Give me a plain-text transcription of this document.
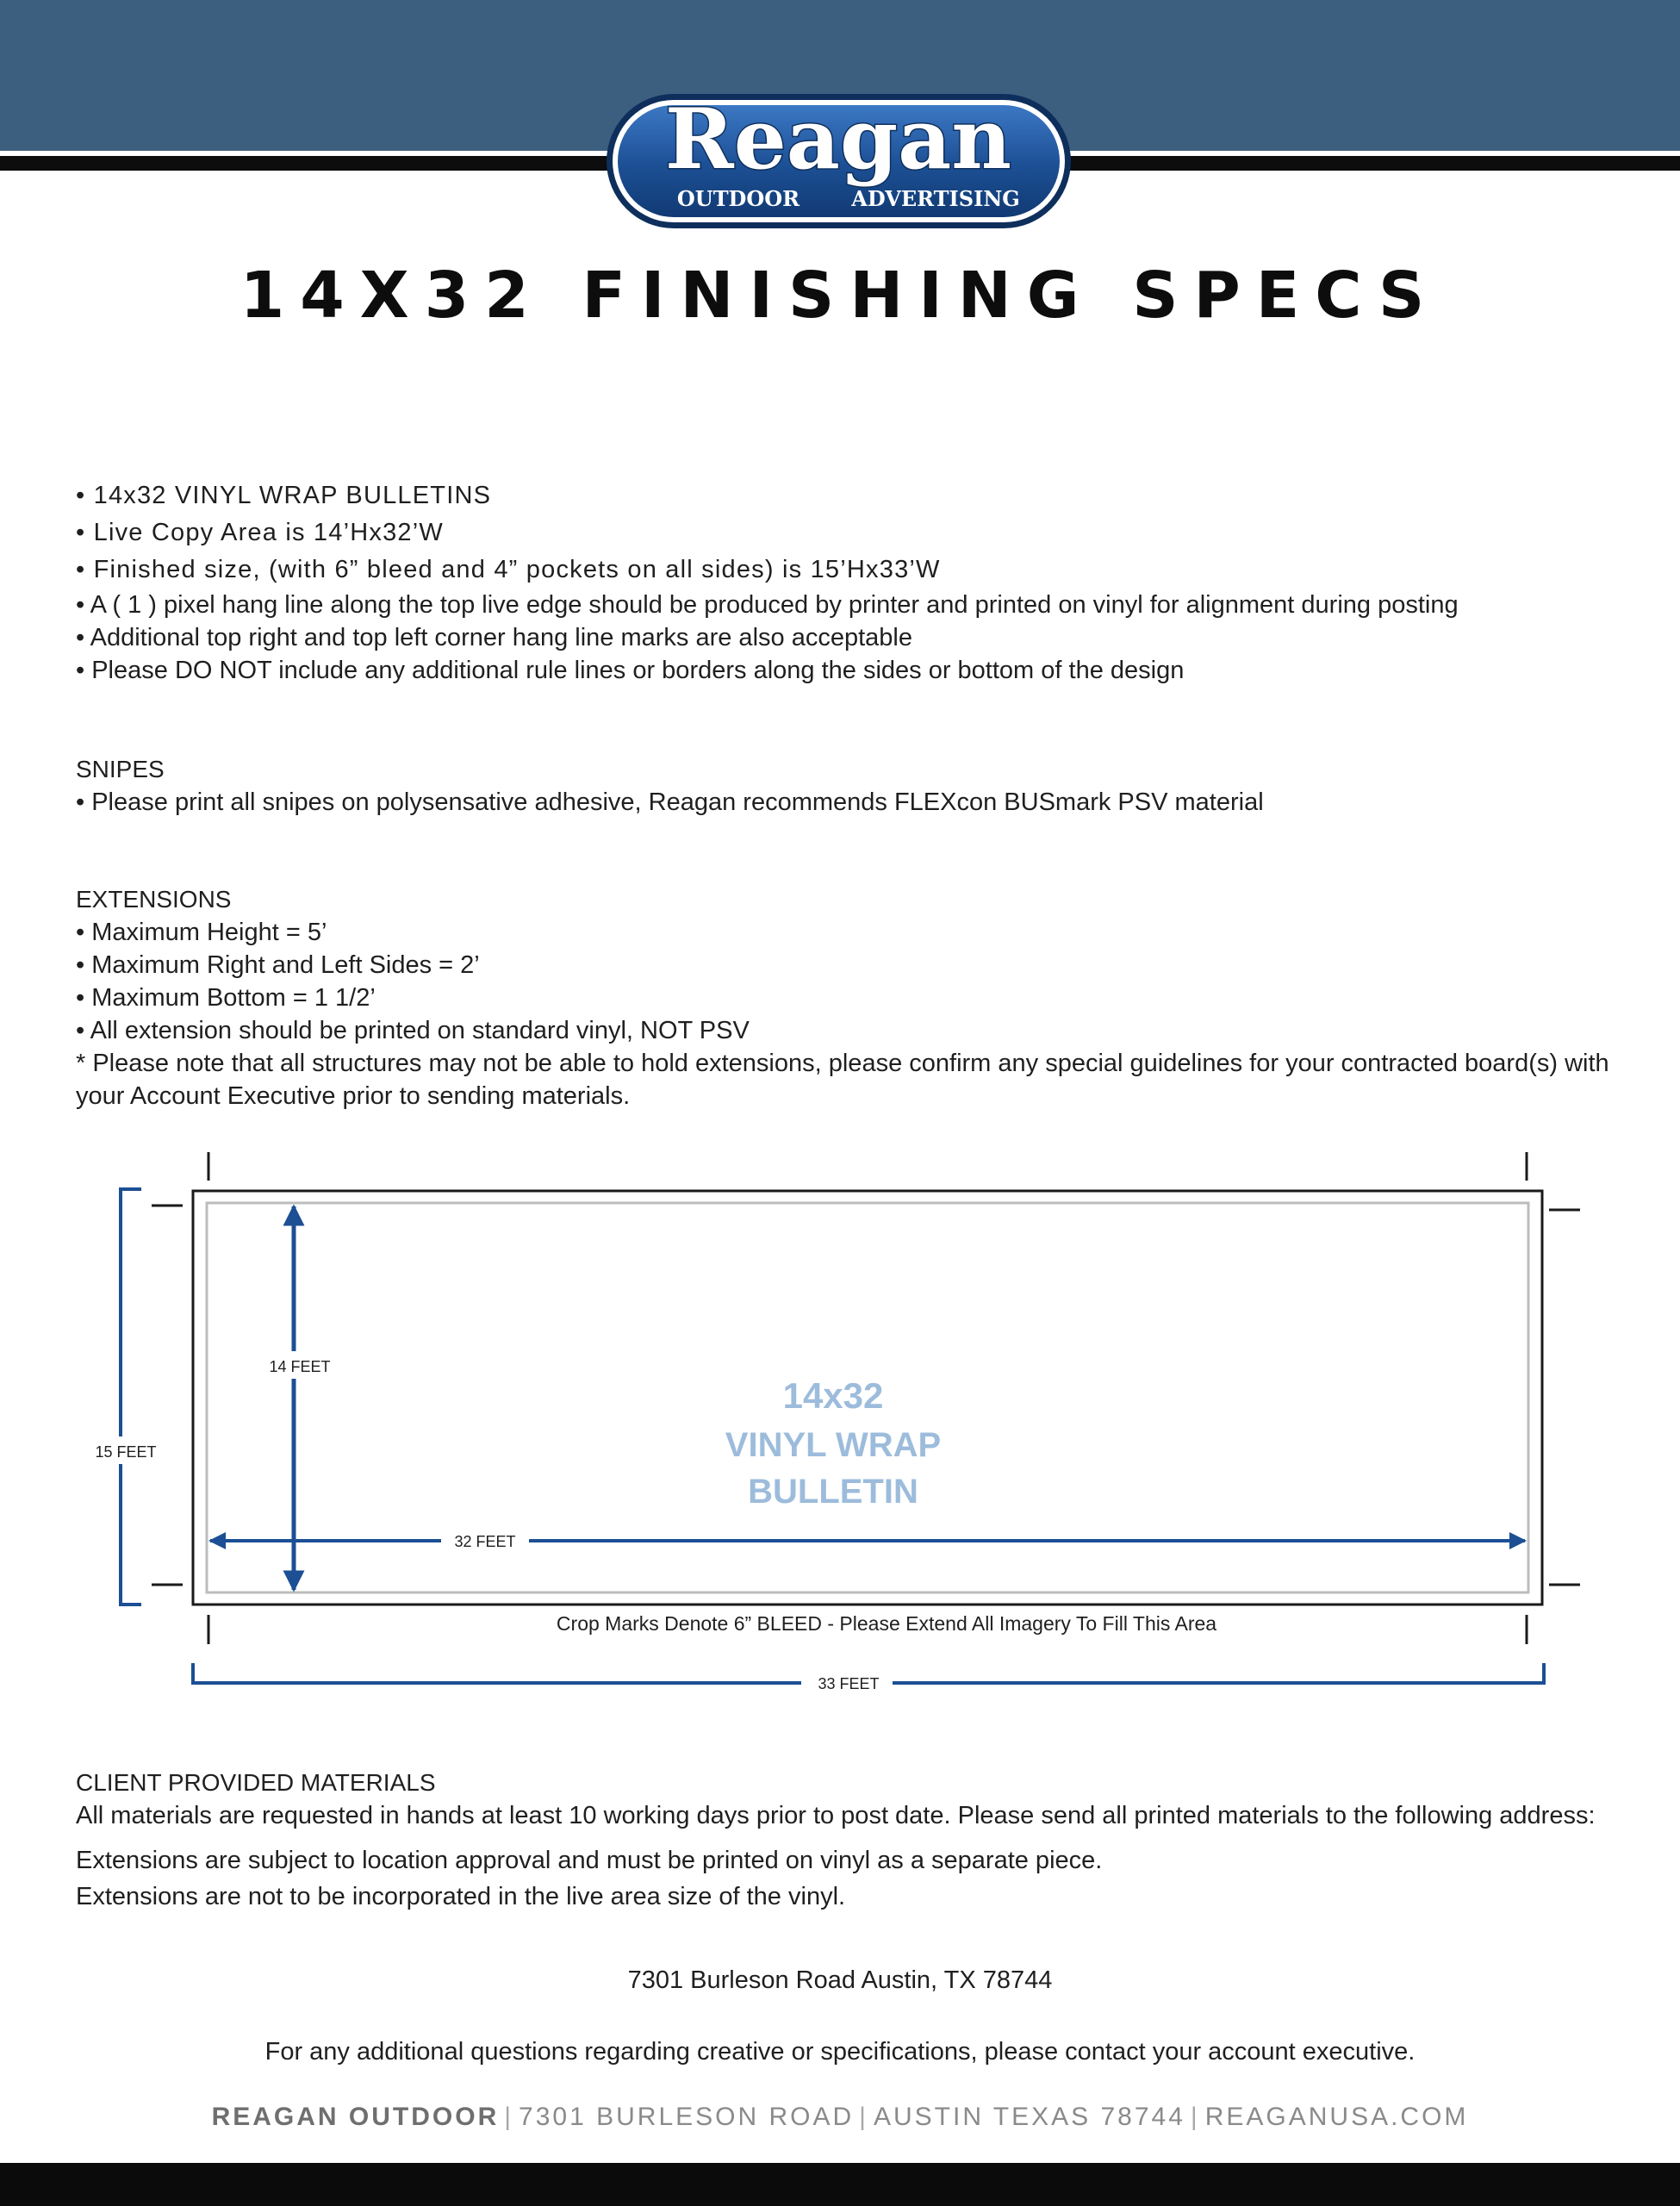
Reagan
OUTDOOR	ADVERTISING
14X32 FINISHING SPECS
• 14x32 VINYL WRAP BULLETINS
• Live Copy Area is 14’Hx32’W
• Finished size, (with 6” bleed and 4” pockets on all sides) is 15’Hx33’W
• A ( 1 ) pixel hang line along the top live edge should be produced by printer and printed on vinyl for alignment during posting
• Additional top right and top left corner hang line marks are also acceptable
• Please DO NOT include any additional rule lines or borders along the sides or bottom of the design
SNIPES
• Please print all snipes on polysensative adhesive, Reagan recommends FLEXcon BUSmark PSV material
EXTENSIONS
• Maximum Height = 5’
• Maximum Right and Left Sides = 2’
• Maximum Bottom = 1 1/2’
• All extension should be printed on standard vinyl, NOT PSV
* Please note that all structures may not be able to hold extensions, please confirm any special guidelines for your contracted board(s) with
your Account Executive prior to sending materials.
15 FEET
14 FEET
32 FEET
14x32
VINYL WRAP
BULLETIN
Crop Marks Denote 6” BLEED - Please Extend All Imagery To Fill This Area
33 FEET
CLIENT PROVIDED MATERIALS
All materials are requested in hands at least 10 working days prior to post date. Please send all printed materials to the following address:
Extensions are subject to location approval and must be printed on vinyl as a separate piece.
Extensions are not to be incorporated in the live area size of the vinyl.
7301 Burleson Road Austin, TX 78744
For any additional questions regarding creative or specifications, please contact your account executive.
REAGAN OUTDOOR | 7301 BURLESON ROAD | AUSTIN TEXAS 78744 | REAGANUSA.COM
